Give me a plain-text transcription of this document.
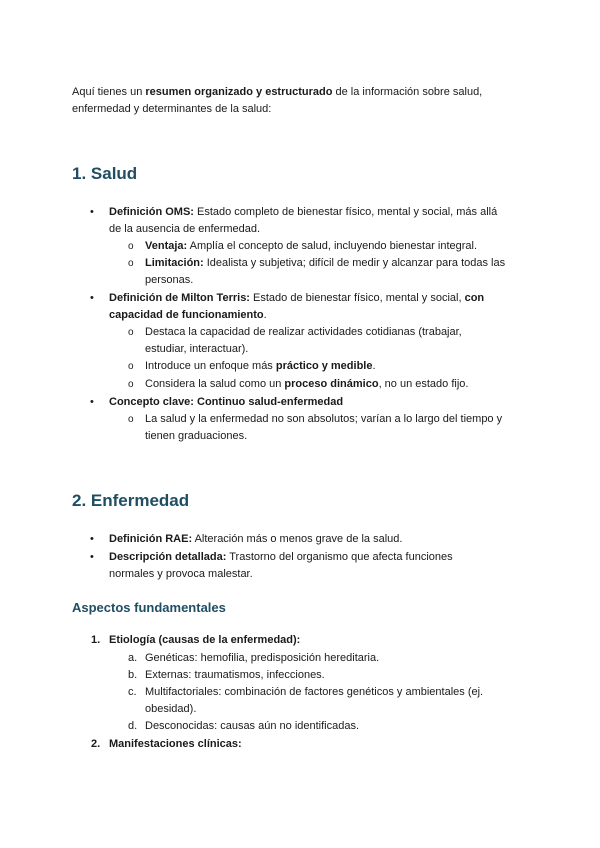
Aquí tienes un resumen organizado y estructurado de la información sobre salud,
enfermedad y determinantes de la salud:
1. Salud
•
Definición OMS: Estado completo de bienestar físico, mental y social, más allá
de la ausencia de enfermedad.
o Ventaja: Amplía el concepto de salud, incluyendo bienestar integral.
o Limitación: Idealista y subjetiva; difícil de medir y alcanzar para todas las
personas.
•
Definición de Milton Terris: Estado de bienestar físico, mental y social, con
capacidad de funcionamiento.
o Destaca la capacidad de realizar actividades cotidianas (trabajar,
estudiar, interactuar).
o Introduce un enfoque más práctico y medible.
o Considera la salud como un proceso dinámico, no un estado fijo.
•
Concepto clave: Continuo salud-enfermedad
o La salud y la enfermedad no son absolutos; varían a lo largo del tiempo y
tienen graduaciones.
2. Enfermedad
•
Definición RAE: Alteración más o menos grave de la salud.
•
Descripción detallada: Trastorno del organismo que afecta funciones
normales y provoca malestar.
Aspectos fundamentales
1. Etiología (causas de la enfermedad):
a. Genéticas: hemofilia, predisposición hereditaria.
b. Externas: traumatismos, infecciones.
c. Multifactoriales: combinación de factores genéticos y ambientales (ej.
obesidad).
d. Desconocidas: causas aún no identificadas.
2. Manifestaciones clínicas:
